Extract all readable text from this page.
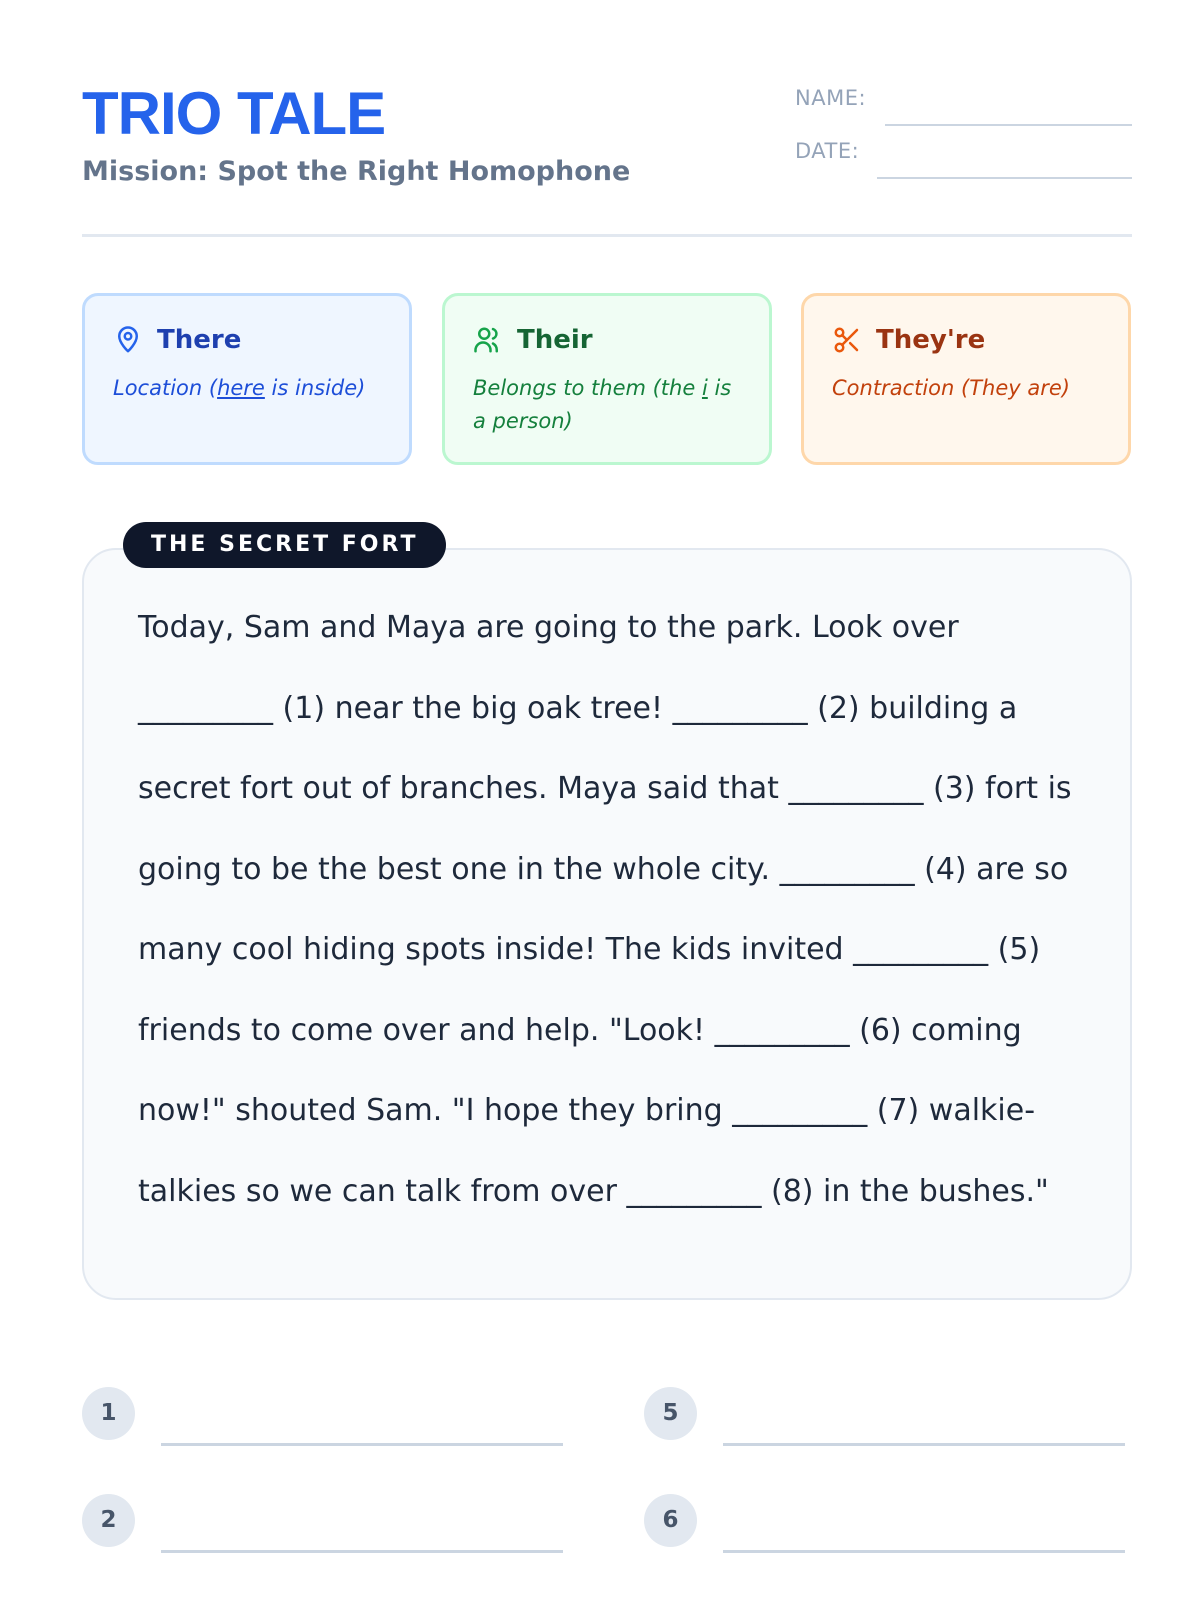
TRIO TALE
Mission: Spot the Right Homophone
NAME:
DATE:
There
Location (here is inside)
Their
Belongs to them (the i is a person)
They're
Contraction (They are)
Today, Sam and Maya are going to the park. Look over _________ (1) near the big oak tree! _________ (2) building a secret fort out of branches. Maya said that _________ (3) fort is going to be the best one in the whole city. _________ (4) are so many cool hiding spots inside! The kids invited _________ (5) friends to come over and help. "Look! _________ (6) coming now!" shouted Sam. "I hope they bring _________ (7) walkie-talkies so we can talk from over _________ (8) in the bushes."
THE SECRET FORT
1	5
2	6
